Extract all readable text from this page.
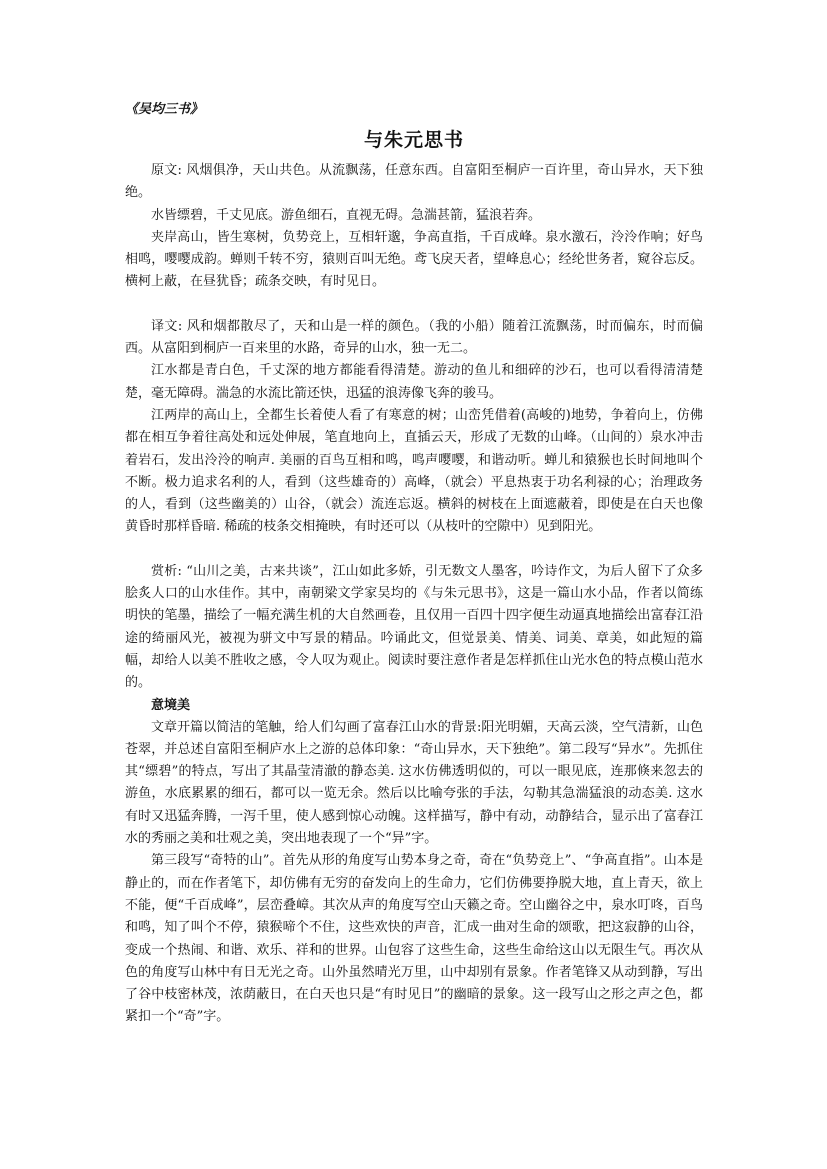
《吴均三书》
与朱元思书

原文: 风烟俱净，天山共色。从流飘荡，任意东西。自富阳至桐庐一百许里，奇山异水，天下独绝。

水皆缥碧，千丈见底。游鱼细石，直视无碍。急湍甚箭，猛浪若奔。

夹岸高山，皆生寒树，负势竞上，互相轩邈，争高直指，千百成峰。泉水激石，泠泠作响；好鸟相鸣，嘤嘤成韵。蝉则千转不穷，猿则百叫无绝。鸢飞戾天者，望峰息心；经纶世务者，窥谷忘反。横柯上蔽，在昼犹昏；疏条交映，有时见日。

译文: 风和烟都散尽了，天和山是一样的颜色。（我的小船）随着江流飘荡，时而偏东，时而偏西。从富阳到桐庐一百来里的水路，奇异的山水，独一无二。

江水都是青白色，千丈深的地方都能看得清楚。游动的鱼儿和细碎的沙石，也可以看得清清楚楚，毫无障碍。湍急的水流比箭还快，迅猛的浪涛像飞奔的骏马。

江两岸的高山上，全都生长着使人看了有寒意的树；山峦凭借着(高峻的)地势，争着向上，仿佛都在相互争着往高处和远处伸展，笔直地向上，直插云天，形成了无数的山峰。（山间的）泉水冲击着岩石，发出泠泠的响声. 美丽的百鸟互相和鸣，鸣声嘤嘤，和谐动听。蝉儿和猿猴也长时间地叫个不断。极力追求名利的人，看到（这些雄奇的）高峰，（就会）平息热衷于功名利禄的心；治理政务的人，看到（这些幽美的）山谷，（就会）流连忘返。横斜的树枝在上面遮蔽着，即使是在白天也像黄昏时那样昏暗. 稀疏的枝条交相掩映，有时还可以（从枝叶的空隙中）见到阳光。

赏析: “山川之美，古来共谈”，江山如此多娇，引无数文人墨客，吟诗作文，为后人留下了众多脍炙人口的山水佳作。其中，南朝梁文学家吴均的《与朱元思书》，这是一篇山水小品，作者以简练明快的笔墨，描绘了一幅充满生机的大自然画卷，且仅用一百四十四字便生动逼真地描绘出富春江沿途的绮丽风光，被视为骈文中写景的精品。吟诵此文，但觉景美、情美、词美、章美，如此短的篇幅，却给人以美不胜收之感，令人叹为观止。阅读时要注意作者是怎样抓住山光水色的特点模山范水的。

意境美

文章开篇以简洁的笔触，给人们勾画了富春江山水的背景:阳光明媚，天高云淡，空气清新，山色苍翠，并总述自富阳至桐庐水上之游的总体印象：“奇山异水，天下独绝”。第二段写“异水”。先抓住其“缥碧”的特点，写出了其晶莹清澈的静态美. 这水仿佛透明似的，可以一眼见底，连那倏来忽去的游鱼，水底累累的细石，都可以一览无余。然后以比喻夸张的手法，勾勒其急湍猛浪的动态美. 这水有时又迅猛奔腾，一泻千里，使人感到惊心动魄。这样描写，静中有动，动静结合，显示出了富春江水的秀丽之美和壮观之美，突出地表现了一个“异”字。

第三段写“奇特的山”。首先从形的角度写山势本身之奇，奇在“负势竞上”、“争高直指”。山本是静止的，而在作者笔下，却仿佛有无穷的奋发向上的生命力，它们仿佛要挣脱大地，直上青天，欲上不能，便“千百成峰”，层峦叠嶂。其次从声的角度写空山天籁之奇。空山幽谷之中，泉水叮咚，百鸟和鸣，知了叫个不停，猿猴啼个不住，这些欢快的声音，汇成一曲对生命的颂歌，把这寂静的山谷，变成一个热闹、和谐、欢乐、祥和的世界。山包容了这些生命，这些生命给这山以无限生气。再次从色的角度写山林中有日无光之奇。山外虽然晴光万里，山中却别有景象。作者笔锋又从动到静，写出了谷中枝密林茂，浓荫蔽日，在白天也只是“有时见日”的幽暗的景象。这一段写山之形之声之色，都紧扣一个“奇”字。
